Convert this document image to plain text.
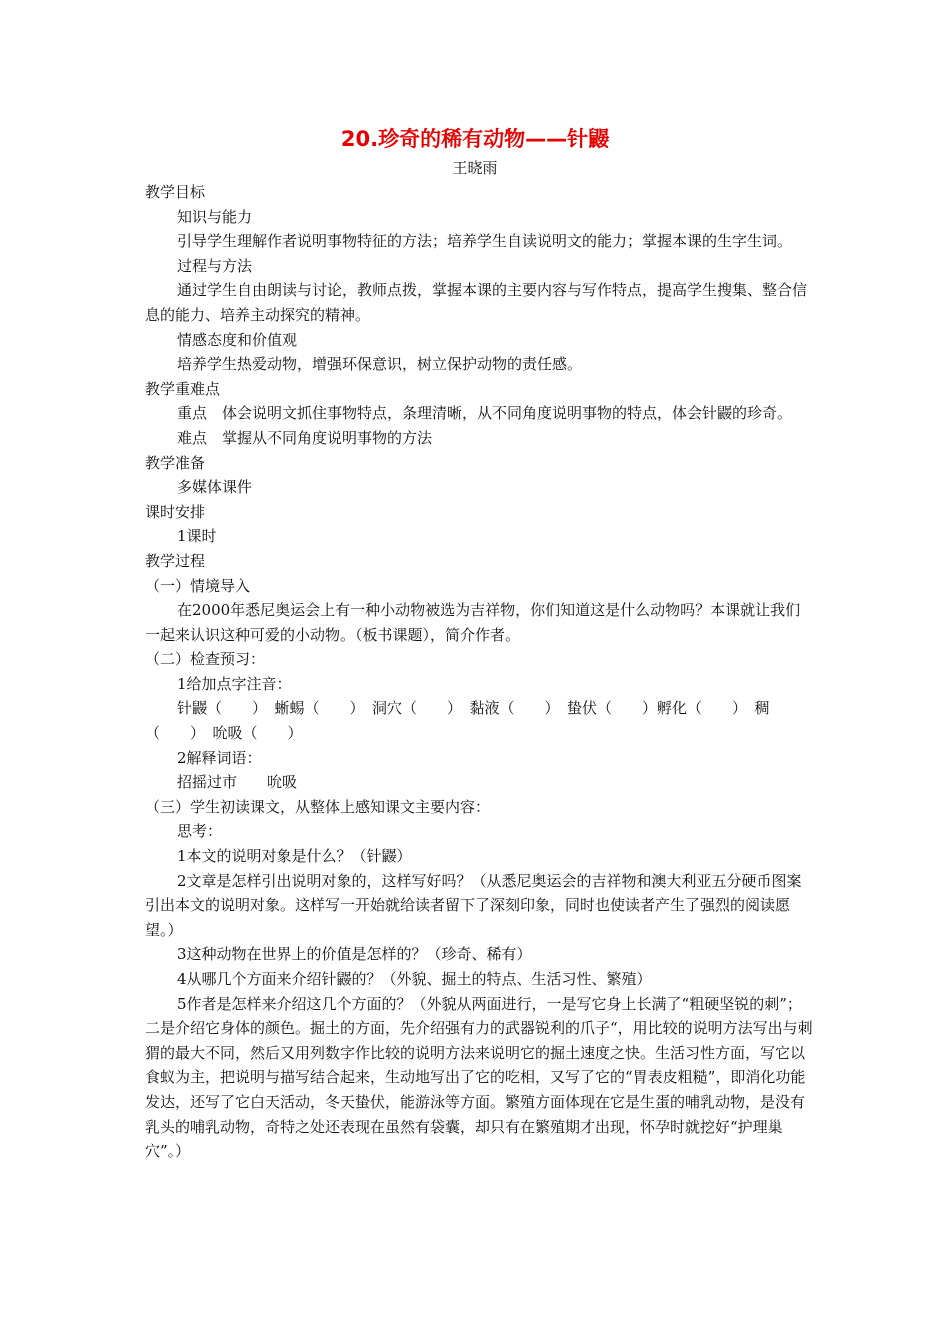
20.珍奇的稀有动物——针鼹
王晓雨

教学目标

知识与能力

引导学生理解作者说明事物特征的方法；培养学生自读说明文的能力；掌握本课的生字生词。

过程与方法

通过学生自由朗读与讨论，教师点拨，掌握本课的主要内容与写作特点，提高学生搜集、整合信息的能力、培养主动探究的精神。

情感态度和价值观

培养学生热爱动物，增强环保意识，树立保护动物的责任感。

教学重难点

重点　体会说明文抓住事物特点，条理清晰，从不同角度说明事物的特点，体会针鼹的珍奇。

难点　掌握从不同角度说明事物的方法

教学准备

多媒体课件

课时安排

1课时

教学过程

（一）情境导入

在2000年悉尼奥运会上有一种小动物被选为吉祥物，你们知道这是什么动物吗？本课就让我们一起来认识这种可爱的小动物。（板书课题），简介作者。

（二）检查预习：

1给加点字注音：

针鼹（　　）　蜥蜴（　　）　洞穴（　　）　黏液（　　）　蛰伏（　　）孵化（　　）　稠（　　）　吮吸（　　）

2解释词语：

招摇过市　　吮吸

（三）学生初读课文，从整体上感知课文主要内容：

思考：

1本文的说明对象是什么？（针鼹）

2文章是怎样引出说明对象的，这样写好吗？（从悉尼奥运会的吉祥物和澳大利亚五分硬币图案引出本文的说明对象。这样写一开始就给读者留下了深刻印象，同时也使读者产生了强烈的阅读愿望。）

3这种动物在世界上的价值是怎样的？（珍奇、稀有）

4从哪几个方面来介绍针鼹的？（外貌、掘土的特点、生活习性、繁殖）

5作者是怎样来介绍这几个方面的？（外貌从两面进行，一是写它身上长满了“粗硬坚锐的刺”；二是介绍它身体的颜色。掘土的方面，先介绍强有力的武器锐利的爪子“，用比较的说明方法写出与刺猬的最大不同，然后又用列数字作比较的说明方法来说明它的掘土速度之快。生活习性方面，写它以食蚁为主，把说明与描写结合起来，生动地写出了它的吃相，又写了它的“胃表皮粗糙”，即消化功能发达，还写了它白天活动，冬天蛰伏，能游泳等方面。繁殖方面体现在它是生蛋的哺乳动物，是没有乳头的哺乳动物，奇特之处还表现在虽然有袋囊，却只有在繁殖期才出现，怀孕时就挖好“护理巢穴”。）
